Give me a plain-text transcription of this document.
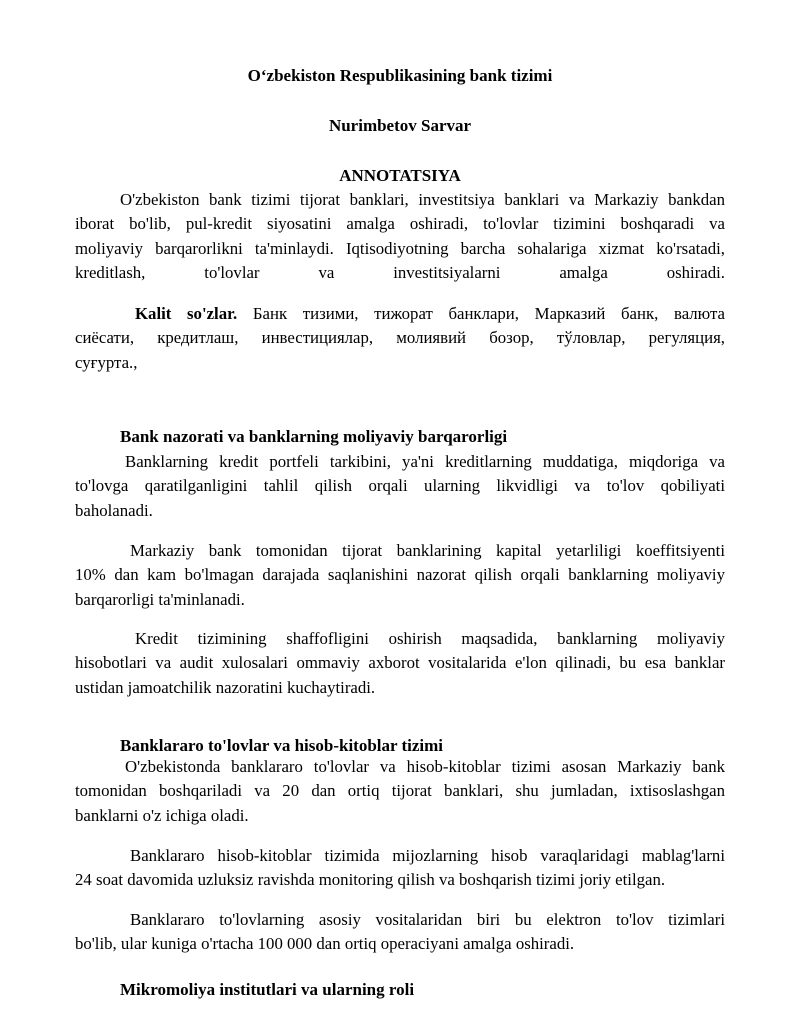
O‘zbekiston Respublikasining bank tizimi

Nurimbetov Sarvar

ANNOTATSIYA

O'zbekiston bank tizimi tijorat banklari, investitsiya banklari va Markaziy bankdan
iborat bo'lib, pul-kredit siyosatini amalga oshiradi, to'lovlar tizimini boshqaradi va
moliyaviy barqarorlikni ta'minlaydi. Iqtisodiyotning barcha sohalariga xizmat ko'rsatadi,
kreditlash, to'lovlar va investitsiyalarni amalga oshiradi.
Kalit so'zlar. Банк тизими, тижорат банклари, Марказий банк, валюта
сиёсати, кредитлаш, инвестициялар, молиявий бозор, тўловлар, регуляция,
суғурта.,

Bank nazorati va banklarning moliyaviy barqarorligi

Banklarning kredit portfeli tarkibini, ya'ni kreditlarning muddatiga, miqdoriga va
to'lovga qaratilganligini tahlil qilish orqali ularning likvidligi va to'lov qobiliyati
baholanadi.
Markaziy bank tomonidan tijorat banklarining kapital yetarliligi koeffitsiyenti
10% dan kam bo'lmagan darajada saqlanishini nazorat qilish orqali banklarning moliyaviy
barqarorligi ta'minlanadi.
Kredit tizimining shaffofligini oshirish maqsadida, banklarning moliyaviy
hisobotlari va audit xulosalari ommaviy axborot vositalarida e'lon qilinadi, bu esa banklar
ustidan jamoatchilik nazoratini kuchaytiradi.

Banklararo to'lovlar va hisob-kitoblar tizimi

O'zbekistonda banklararo to'lovlar va hisob-kitoblar tizimi asosan Markaziy bank
tomonidan boshqariladi va 20 dan ortiq tijorat banklari, shu jumladan, ixtisoslashgan
banklarni o'z ichiga oladi.
Banklararo hisob-kitoblar tizimida mijozlarning hisob varaqlaridagi mablag'larni
24 soat davomida uzluksiz ravishda monitoring qilish va boshqarish tizimi joriy etilgan.
Banklararo to'lovlarning asosiy vositalaridan biri bu elektron to'lov tizimlari
bo'lib, ular kuniga o'rtacha 100 000 dan ortiq operaciyani amalga oshiradi.

Mikromoliya institutlari va ularning roli
